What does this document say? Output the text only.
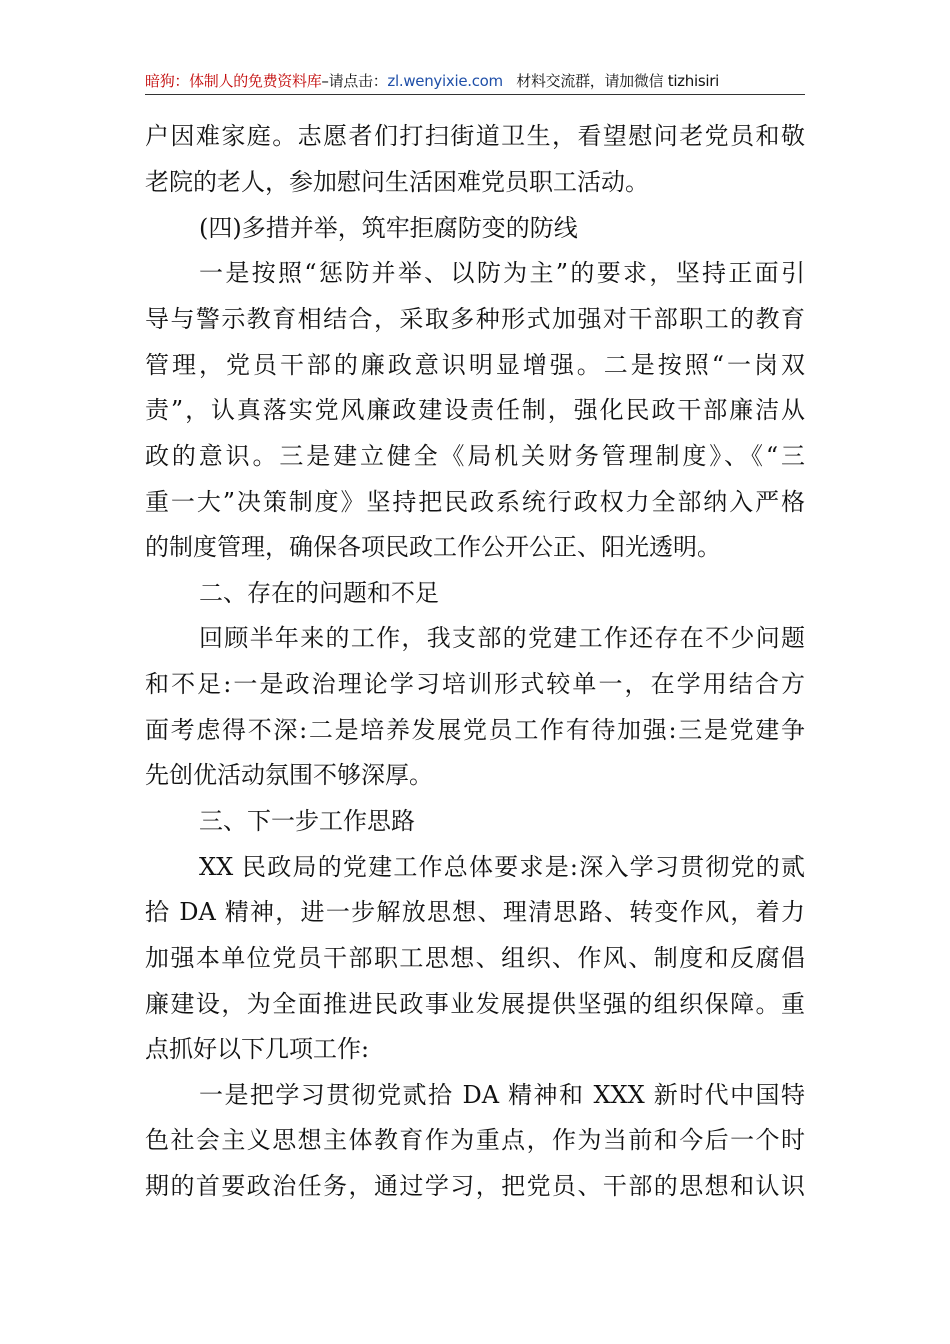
暗狗：体制人的免费资料库–请点击：zl.wenyixie.com 材料交流群，请加微信 tizhisiri
户因难家庭。志愿者们打扫街道卫生，看望慰问老党员和敬
老院的老人，参加慰问生活困难党员职工活动。
(四)多措并举，筑牢拒腐防变的防线
一是按照“惩防并举、以防为主”的要求，坚持正面引
导与警示教育相结合，采取多种形式加强对干部职工的教育
管理，党员干部的廉政意识明显增强。二是按照“一岗双
责”，认真落实党风廉政建设责任制，强化民政干部廉洁从
政的意识。三是建立健全《局机关财务管理制度》、《“三
重一大”决策制度》坚持把民政系统行政权力全部纳入严格
的制度管理，确保各项民政工作公开公正、阳光透明。
二、存在的问题和不足
回顾半年来的工作，我支部的党建工作还存在不少问题
和不足:一是政治理论学习培训形式较单一，在学用结合方
面考虑得不深:二是培养发展党员工作有待加强:三是党建争
先创优活动氛围不够深厚。
三、下一步工作思路
XX 民政局的党建工作总体要求是:深入学习贯彻党的贰
拾 DA 精神，进一步解放思想、理清思路、转变作风，着力
加强本单位党员干部职工思想、组织、作风、制度和反腐倡
廉建设，为全面推进民政事业发展提供坚强的组织保障。重
点抓好以下几项工作:
一是把学习贯彻党贰拾 DA 精神和 XXX 新时代中国特
色社会主义思想主体教育作为重点，作为当前和今后一个时
期的首要政治任务，通过学习，把党员、干部的思想和认识
